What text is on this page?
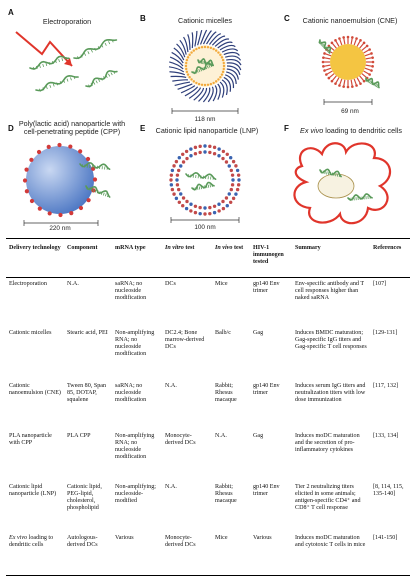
A
Electroporation	B	Cationic micelles
118 nm
C	Cationic nanoemulsion (CNE)
69 nm
D
Poly(lactic acid) nanoparticle with
cell-penetrating peptide (CPP)
220 nm
E	Cationic lipid nanoparticle (LNP)
100 nm
F	Ex vivo loading to dendritic cells
Delivery technology	Component	mRNA type	In vitro test	In vivo test	HIV-1 immunogen tested	Summary	References
Electroporation	N.A.	saRNA; no nucleoside modification	DCs	Mice	gp140 Env trimer	Env-specific antibody and T cell responses higher than naked saRNA	[107]
Cationic micelles	Stearic acid, PEI	Non-amplifying RNA; no nucleoside modification	DC2.4; Bone marrow-derived DCs	Balb/c	Gag	Induces BMDC maturation; Gag-specific IgG titers and Gag-specific T cell responses	[129-131]
Cationic nanoemulsion (CNE)	Tween 80, Span 85, DOTAP, squalene	saRNA; no nucleoside modification	N.A.	Rabbit; Rhesus macaque	gp140 Env trimer	Induces serum IgG titers and neutralization titers with low dose immunization	[117, 132]
PLA nanoparticle with CPP	PLA CPP	Non-amplifying RNA; no nucleoside modification	Monocyte-derived DCs	N.A.	Gag	Induces moDC maturation and the secretion of pro-inflammatory cytokines	[133, 134]
Cationic lipid nanoparticle (LNP)	Cationic lipid, PEG-lipid, cholesterol, phospholipid	Non-amplifying; nucleoside-modified	N.A.	Rabbit; Rhesus macaque	gp140 Env trimer	Tier 2 neutralizing titers elicited in some animals; antigen-specific CD4⁺ and CD8⁺ T cell response	[8, 114, 115, 135-140]
Ex vivo loading to dendritic cells	Autologous-derived DCs	Various	Monocyte-derived DCs	Mice	Various	Induces moDC maturation and cytotoxic T cells in mice	[141-150]
